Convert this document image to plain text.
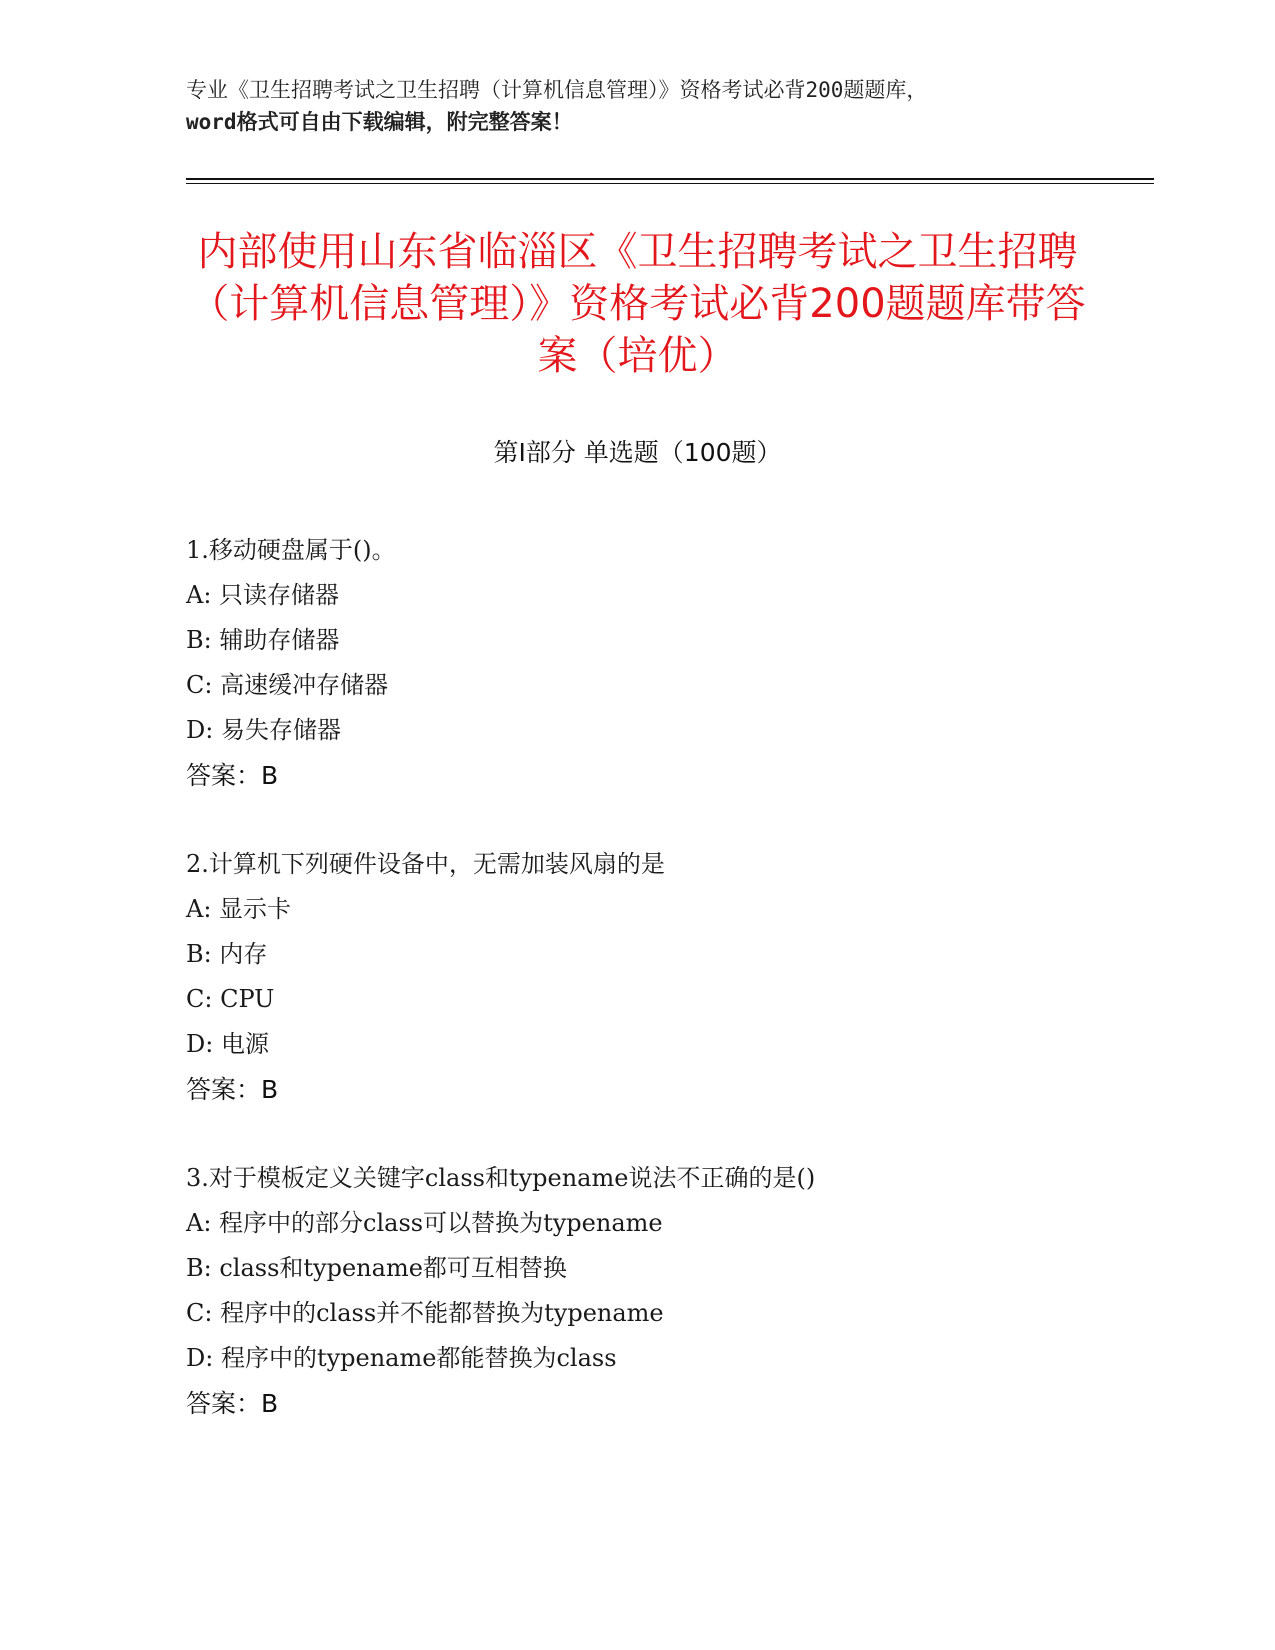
专业《卫生招聘考试之卫生招聘（计算机信息管理）》资格考试必背200题题库，
word格式可自由下载编辑，附完整答案！
内部使用山东省临淄区《卫生招聘考试之卫生招聘（计算机信息管理）》资格考试必背200题题库带答案（培优）
第I部分 单选题（100题）
1.移动硬盘属于()。
A: 只读存储器
B: 辅助存储器
C: 高速缓冲存储器
D: 易失存储器
答案：B
2.计算机下列硬件设备中，无需加装风扇的是
A: 显示卡
B: 内存
C: CPU
D: 电源
答案：B
3.对于模板定义关键字class和typename说法不正确的是()
A: 程序中的部分class可以替换为typename
B: class和typename都可互相替换
C: 程序中的class并不能都替换为typename
D: 程序中的typename都能替换为class
答案：B
